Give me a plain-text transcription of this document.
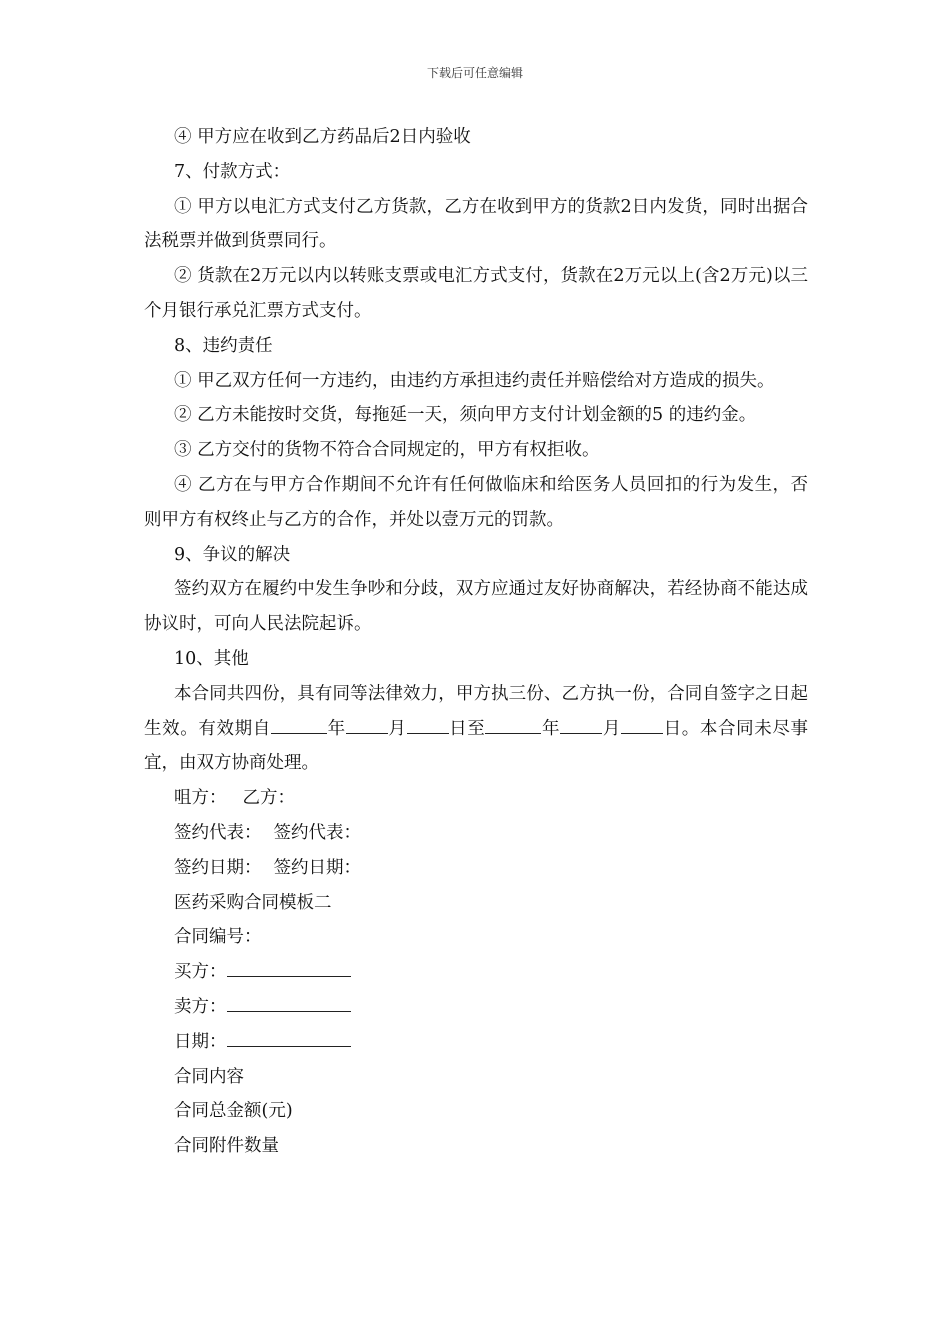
下载后可任意编辑

④ 甲方应在收到乙方药品后2日内验收

7、付款方式：

① 甲方以电汇方式支付乙方货款，乙方在收到甲方的货款2日内发货，同时出据合法税票并做到货票同行。

② 货款在2万元以内以转账支票或电汇方式支付，货款在2万元以上(含2万元)以三个月银行承兑汇票方式支付。

8、违约责任

① 甲乙双方任何一方违约，由违约方承担违约责任并赔偿给对方造成的损失。

② 乙方未能按时交货，每拖延一天，须向甲方支付计划金额的5 的违约金。

③ 乙方交付的货物不符合合同规定的，甲方有权拒收。

④ 乙方在与甲方合作期间不允许有任何做临床和给医务人员回扣的行为发生，否则甲方有权终止与乙方的合作，并处以壹万元的罚款。

9、争议的解决

签约双方在履约中发生争吵和分歧，双方应通过友好协商解决，若经协商不能达成协议时，可向人民法院起诉。

10、其他

本合同共四份，具有同等法律效力，甲方执三份、乙方执一份，合同自签字之日起生效。有效期自	年 月 日至	年 月 日。本合同未尽事宜，由双方协商处理。

咀方： 乙方：

签约代表： 签约代表：

签约日期： 签约日期：

医药采购合同模板二

合同编号：

买方：

卖方：

日期：

合同内容

合同总金额(元)

合同附件数量
